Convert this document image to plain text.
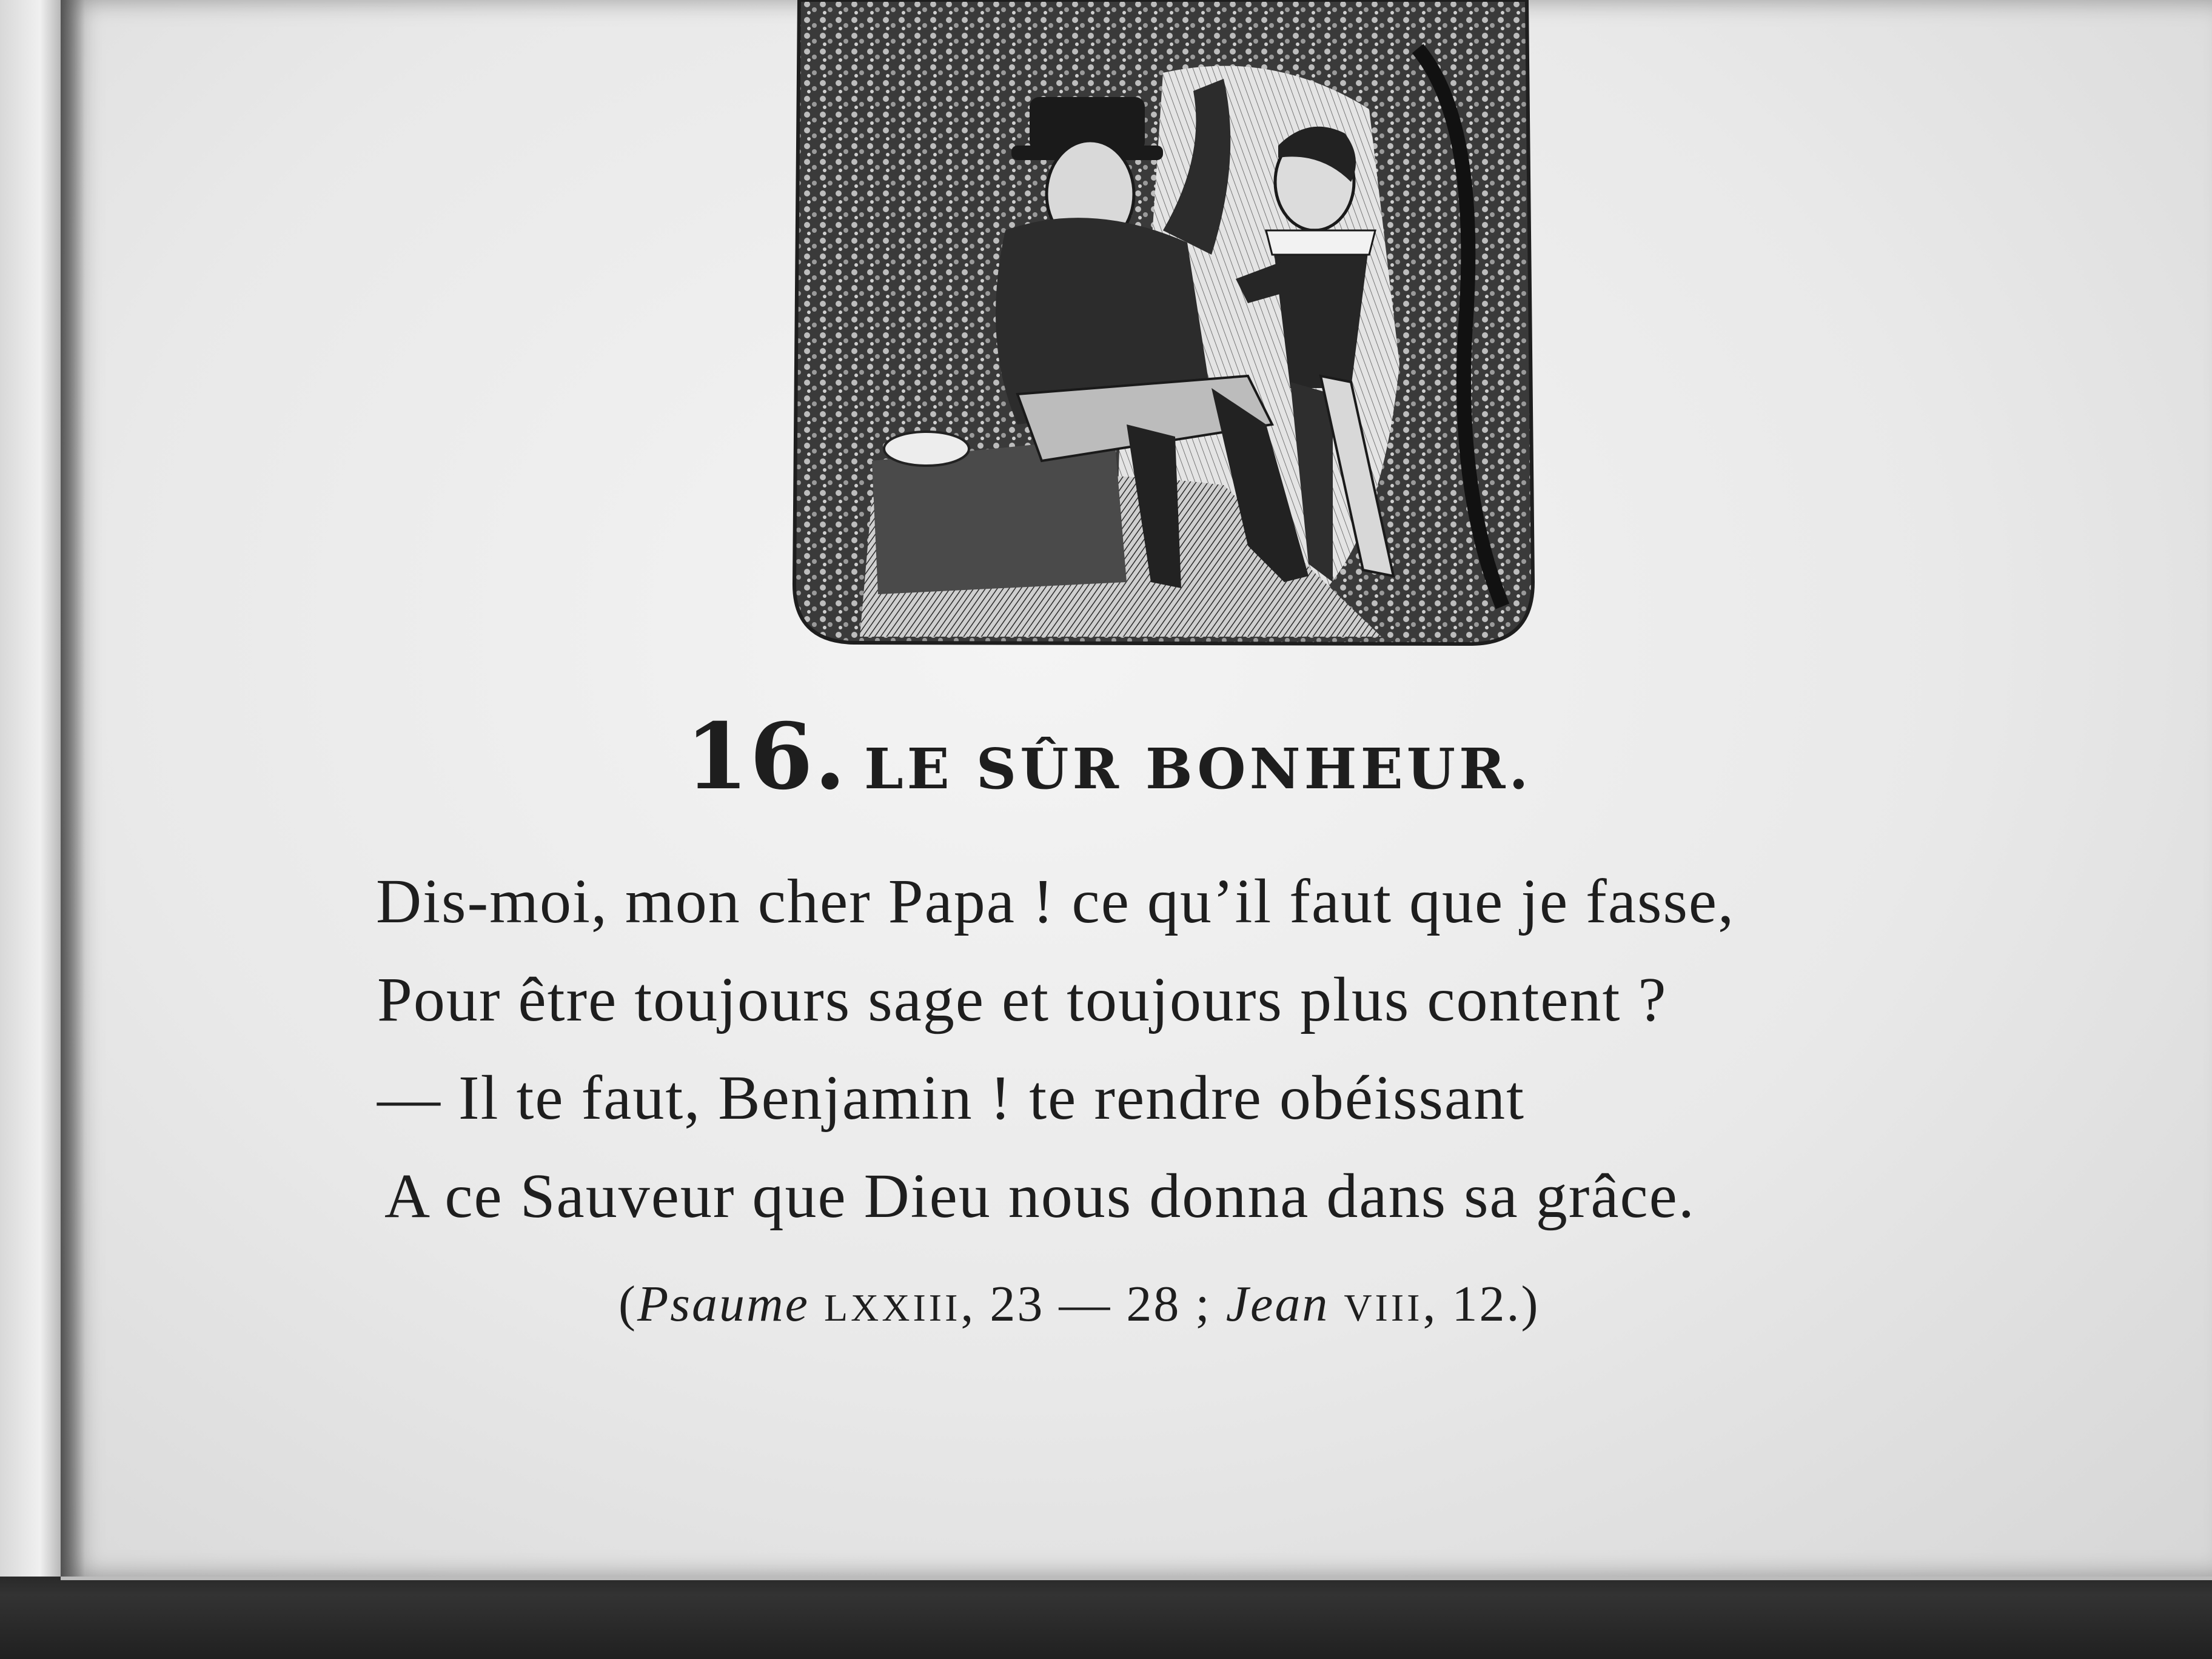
16. LE SÛR BONHEUR.
Dis-moi, mon cher Papa ! ce qu’il faut que je fasse,
Pour être toujours sage et toujours plus content ?
— Il te faut, Benjamin ! te rendre obéissant
A ce Sauveur que Dieu nous donna dans sa grâce.
(Psaume LXXIII, 23 — 28 ; Jean VIII, 12.)
